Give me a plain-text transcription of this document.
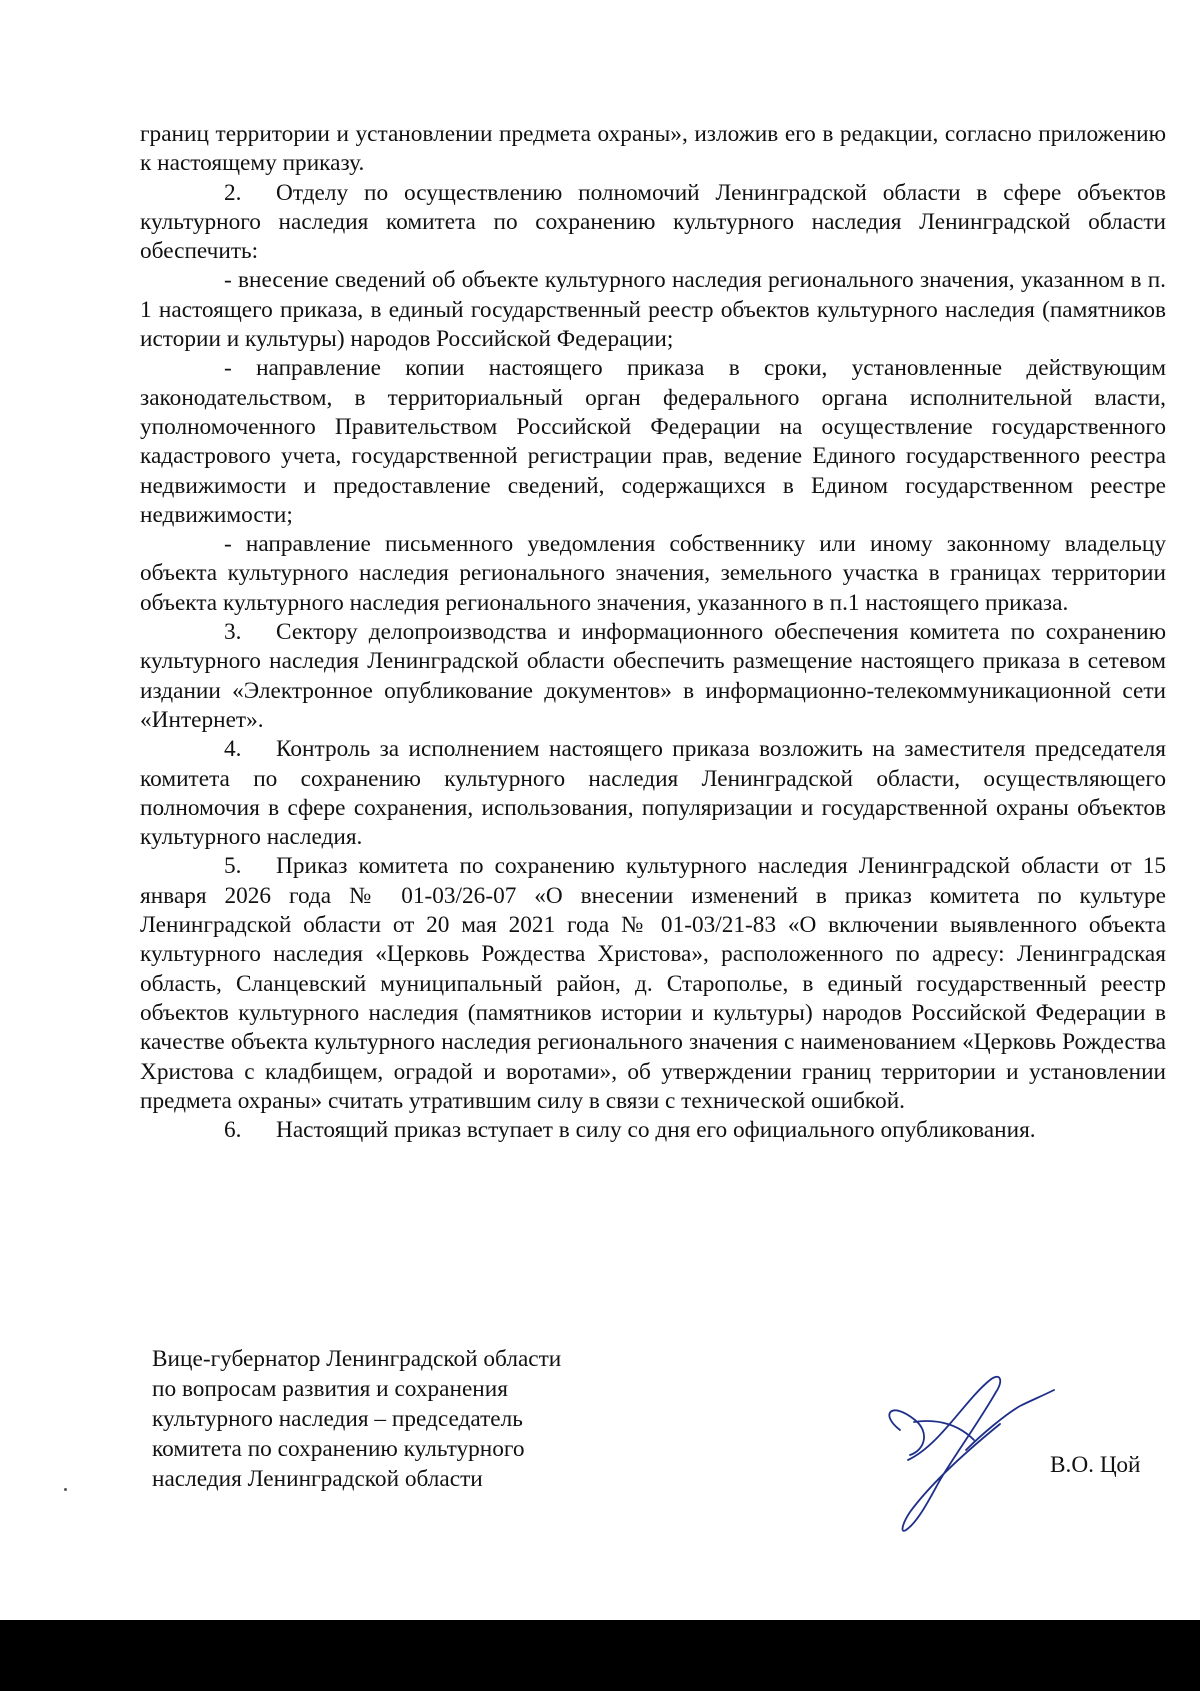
границ территории и установлении предмета охраны», изложив его в редакции, согласно приложению к настоящему приказу.

2. Отделу по осуществлению полномочий Ленинградской области в сфере объектов культурного наследия комитета по сохранению культурного наследия Ленинградской области обеспечить:

- внесение сведений об объекте культурного наследия регионального значения, указанном в п. 1 настоящего приказа, в единый государственный реестр объектов культурного наследия (памятников истории и культуры) народов Российской Федерации;

- направление копии настоящего приказа в сроки, установленные действующим законодательством, в территориальный орган федерального органа исполнительной власти, уполномоченного Правительством Российской Федерации на осуществление государственного кадастрового учета, государственной регистрации прав, ведение Единого государственного реестра недвижимости и предоставление сведений, содержащихся в Едином государственном реестре недвижимости;

- направление письменного уведомления собственнику или иному законному владельцу объекта культурного наследия регионального значения, земельного участка в границах территории объекта культурного наследия регионального значения, указанного в п.1 настоящего приказа.

3. Сектору делопроизводства и информационного обеспечения комитета по сохранению культурного наследия Ленинградской области обеспечить размещение настоящего приказа в сетевом издании «Электронное опубликование документов» в информационно-телекоммуникационной сети «Интернет».

4. Контроль за исполнением настоящего приказа возложить на заместителя председателя комитета по сохранению культурного наследия Ленинградской области, осуществляющего полномочия в сфере сохранения, использования, популяризации и государственной охраны объектов культурного наследия.

5. Приказ комитета по сохранению культурного наследия Ленинградской области от 15 января 2026 года № 01-03/26-07 «О внесении изменений в приказ комитета по культуре Ленинградской области от 20 мая 2021 года № 01-03/21-83 «О включении выявленного объекта культурного наследия «Церковь Рождества Христова», расположенного по адресу: Ленинградская область, Сланцевский муниципальный район, д. Старополье, в единый государственный реестр объектов культурного наследия (памятников истории и культуры) народов Российской Федерации в качестве объекта культурного наследия регионального значения с наименованием «Церковь Рождества Христова с кладбищем, оградой и воротами», об утверждении границ территории и установлении предмета охраны» считать утратившим силу в связи с технической ошибкой.

6. Настоящий приказ вступает в силу со дня его официального опубликования.

Вице-губернатор Ленинградской области
по вопросам развития и сохранения
культурного наследия – председатель
комитета по сохранению культурного
наследия Ленинградской области
В.О. Цой
